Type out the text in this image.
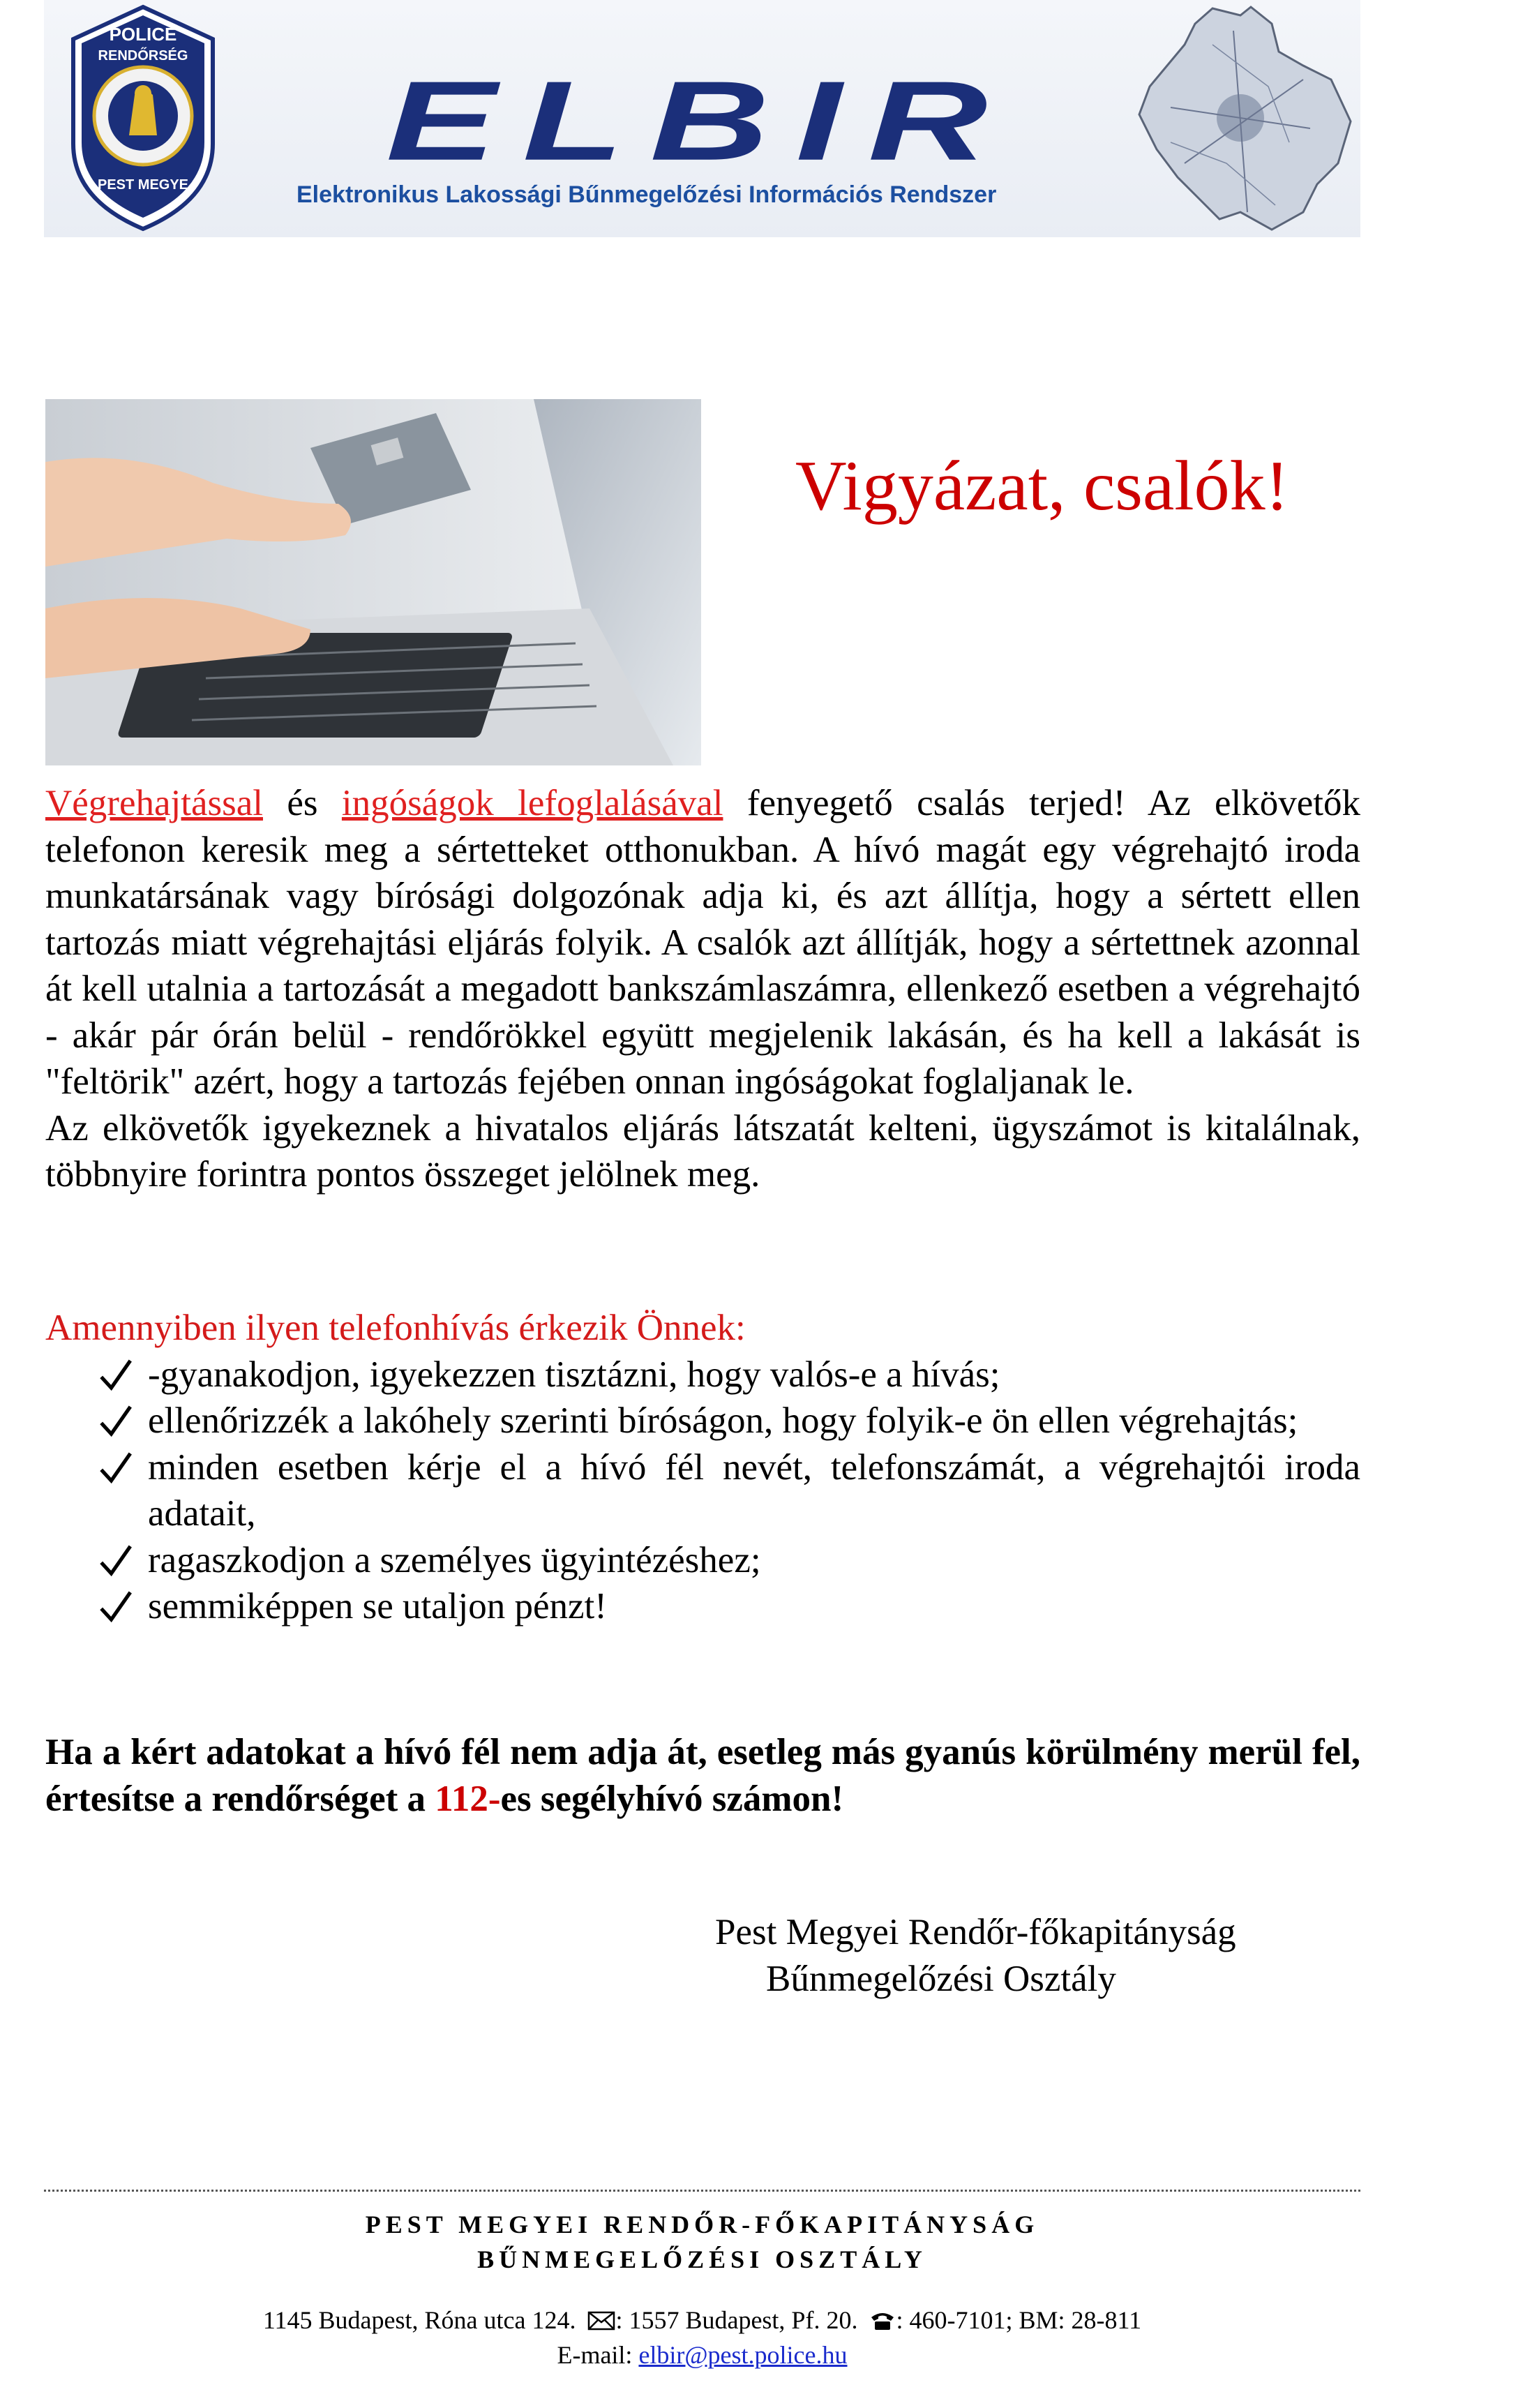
POLICE
RENDŐRSÉG
PEST MEGYE
ELBIR
Elektronikus Lakossági Bűnmegelőzési Információs Rendszer
Vigyázat, csalók!

Végrehajtással és ingóságok lefoglalásával fenyegető csalás terjed! Az elkövetők telefonon keresik meg a sértetteket otthonukban. A hívó magát egy végrehajtó iroda munkatársának vagy bírósági dolgozónak adja ki, és azt állítja, hogy a sértett ellen tartozás miatt végrehajtási eljárás folyik. A csalók azt állítják, hogy a sértettnek azonnal át kell utalnia a tartozását a megadott bankszámlaszámra, ellenkező esetben a végrehajtó - akár pár órán belül - rendőrökkel együtt megjelenik lakásán, és ha kell a lakását is "feltörik" azért, hogy a tartozás fejében onnan ingóságokat foglaljanak le.

Az elkövetők igyekeznek a hivatalos eljárás látszatát kelteni, ügyszámot is kitalálnak, többnyire forintra pontos összeget jelölnek meg.

Amennyiben ilyen telefonhívás érkezik Önnek:

-gyanakodjon, igyekezzen tisztázni, hogy valós-e a hívás;
ellenőrizzék a lakóhely szerinti bíróságon, hogy folyik-e ön ellen végrehajtás;
minden esetben kérje el a hívó fél nevét, telefonszámát, a végrehajtói iroda adatait,
ragaszkodjon a személyes ügyintézéshez;
semmiképpen se utaljon pénzt!
Ha a kért adatokat a hívó fél nem adja át, esetleg más gyanús körülmény merül fel, értesítse a rendőrséget a 112-es segélyhívó számon!
Pest Megyei Rendőr-főkapitányság
Bűnmegelőzési Osztály
PEST MEGYEI RENDŐR-FŐKAPITÁNYSÁG
BŰNMEGELŐZÉSI OSZTÁLY
1145 Budapest, Róna utca 124. : 1557 Budapest, Pf. 20. : 460-7101; BM: 28-811
E-mail: elbir@pest.police.hu
